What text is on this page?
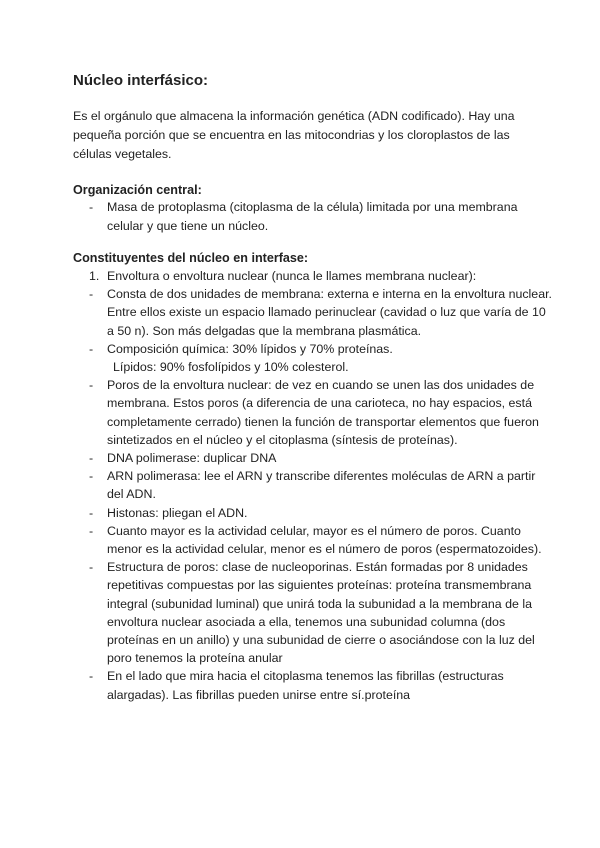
Núcleo interfásico:

Es el orgánulo que almacena la información genética (ADN codificado). Hay una pequeña porción que se encuentra en las mitocondrias y los cloroplastos de las células vegetales.

Organización central:
- Masa de protoplasma (citoplasma de la célula) limitada por una membrana celular y que tiene un núcleo.
Constituyentes del núcleo en interfase:
1. Envoltura o envoltura nuclear (nunca le llames membrana nuclear):
- Consta de dos unidades de membrana: externa e interna en la envoltura nuclear. Entre ellos existe un espacio llamado perinuclear (cavidad o luz que varía de 10 a 50 n). Son más delgadas que la membrana plasmática.
- Composición química: 30% lípidos y 70% proteínas.
Lípidos: 90% fosfolípidos y 10% colesterol.
- Poros de la envoltura nuclear: de vez en cuando se unen las dos unidades de membrana. Estos poros (a diferencia de una carioteca, no hay espacios, está completamente cerrado) tienen la función de transportar elementos que fueron sintetizados en el núcleo y el citoplasma (síntesis de proteínas).
- DNA polimerase: duplicar DNA
- ARN polimerasa: lee el ARN y transcribe diferentes moléculas de ARN a partir del ADN.
- Histonas: pliegan el ADN.
- Cuanto mayor es la actividad celular, mayor es el número de poros. Cuanto menor es la actividad celular, menor es el número de poros (espermatozoides).
- Estructura de poros: clase de nucleoporinas. Están formadas por 8 unidades repetitivas compuestas por las siguientes proteínas: proteína transmembrana integral (subunidad luminal) que unirá toda la subunidad a la membrana de la envoltura nuclear asociada a ella, tenemos una subunidad columna (dos proteínas en un anillo) y una subunidad de cierre o asociándose con la luz del poro tenemos la proteína anular
- En el lado que mira hacia el citoplasma tenemos las fibrillas (estructuras alargadas). Las fibrillas pueden unirse entre sí.proteína
